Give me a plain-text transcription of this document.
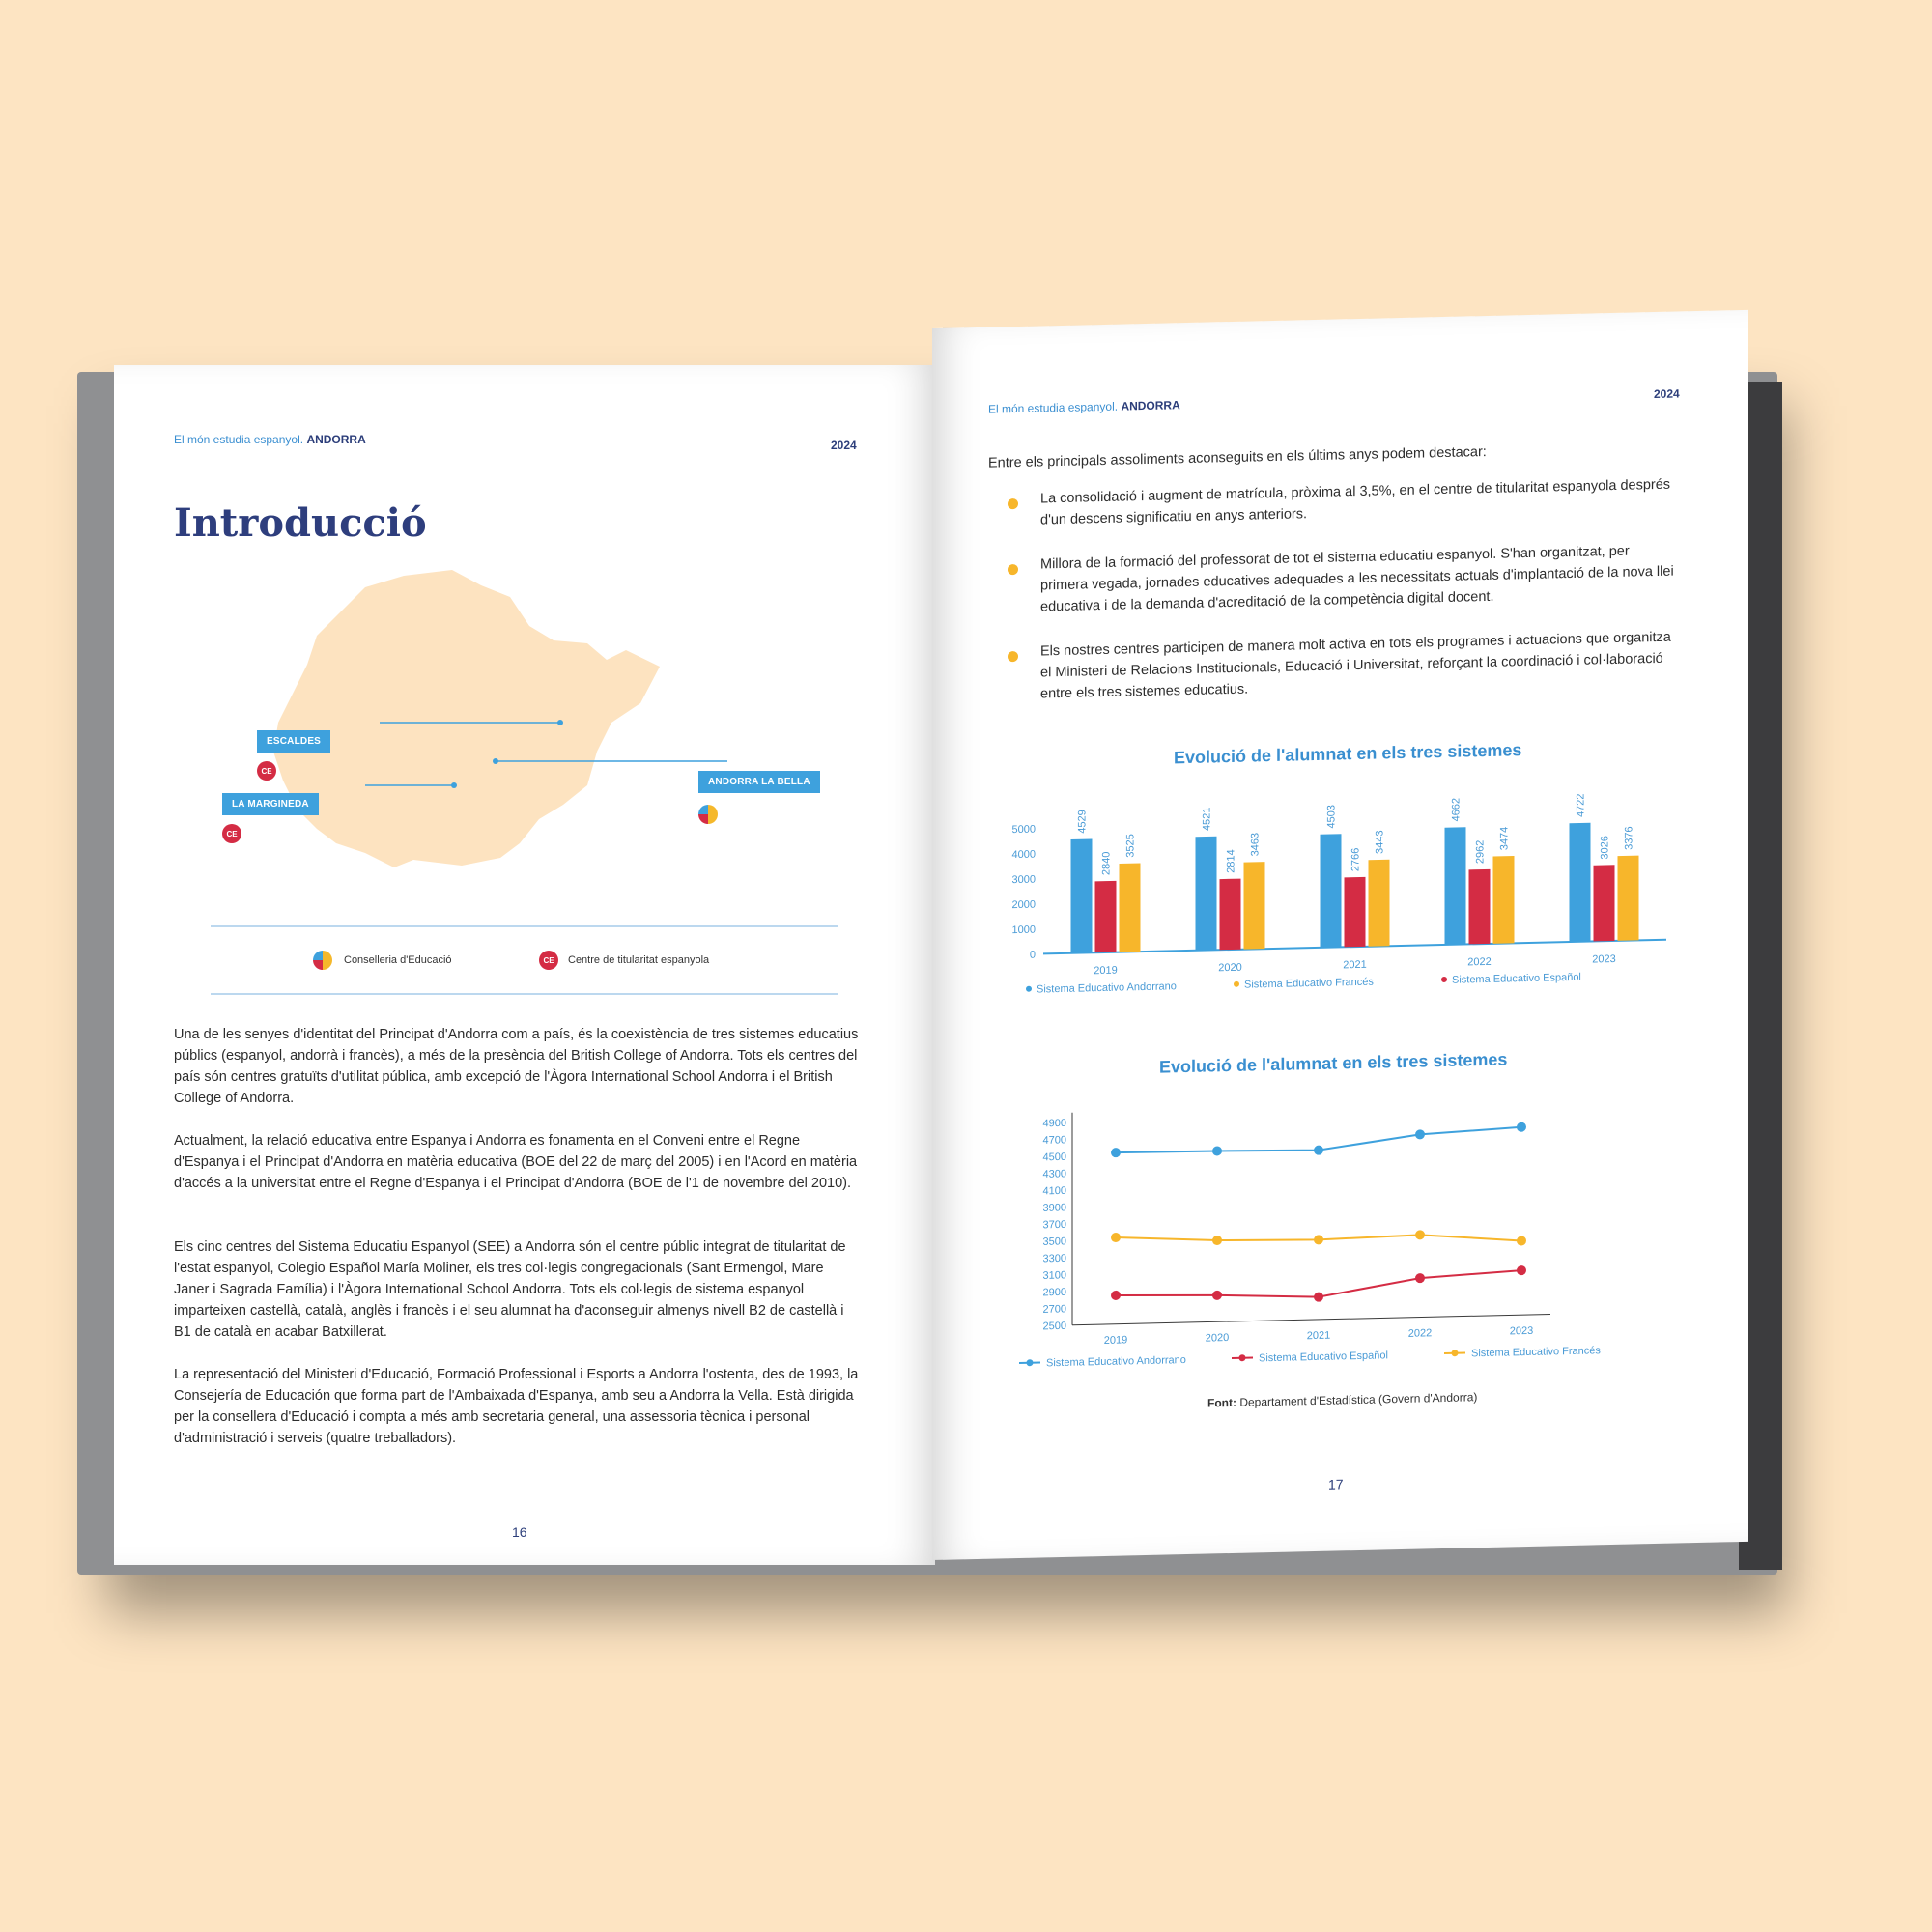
El món estudia espanyol. ANDORRA	2024
Introducció
ESCALDES
CE
LA MARGINEDA
CE
ANDORRA LA BELLA
Conselleria d'Educació	CE	Centre de titularitat espanyola
Una de les senyes d'identitat del Principat d'Andorra com a país, és la coexistència de tres sistemes educatius públics (espanyol, andorrà i francès), a més de la presència del British College of Andorra. Tots els centres del país són centres gratuïts d'utilitat pública, amb excepció de l'Àgora International School Andorra i el British College of Andorra.
Actualment, la relació educativa entre Espanya i Andorra es fonamenta en el Conveni entre el Regne d'Espanya i el Principat d'Andorra en matèria educativa (BOE del 22 de març del 2005) i en l'Acord en matèria d'accés a la universitat entre el Regne d'Espanya i el Principat d'Andorra (BOE de l'1 de novembre del 2010).
Els cinc centres del Sistema Educatiu Espanyol (SEE) a Andorra són el centre públic integrat de titularitat de l'estat espanyol, Colegio Español María Moliner, els tres col·legis congregacionals (Sant Ermengol, Mare Janer i Sagrada Família) i l'Àgora International School Andorra. Tots els col·legis de sistema espanyol imparteixen castellà, català, anglès i francès i el seu alumnat ha d'aconseguir almenys nivell B2 de castellà i B1 de català en acabar Batxillerat.
La representació del Ministeri d'Educació, Formació Professional i Esports a Andorra l'ostenta, des de 1993, la Consejería de Educación que forma part de l'Ambaixada d'Espanya, amb seu a Andorra la Vella. Està dirigida per la consellera d'Educació i compta a més amb secretaria general, una assessoria tècnica i personal d'administració i serveis (quatre treballadors).
16
El món estudia espanyol. ANDORRA
2024
Entre els principals assoliments aconseguits en els últims anys podem destacar:
La consolidació i augment de matrícula, pròxima al 3,5%, en el centre de titularitat espanyola després d'un descens significatiu en anys anteriors.
Millora de la formació del professorat de tot el sistema educatiu espanyol. S'han organitzat, per primera vegada, jornades educatives adequades a les necessitats actuals d'implantació de la nova llei educativa i de la demanda d'acreditació de la competència digital docent.
Els nostres centres participen de manera molt activa en tots els programes i actuacions que organitza el Ministeri de Relacions Institucionals, Educació i Universitat, reforçant la coordinació i col·laboració entre els tres sistemes educatius.
Evolució de l'alumnat en els tres sistemes
0
1000
2000
3000
4000
5000	4529
2840
3525
2019
4521
2814
3463
2020
4503
2766
3443
2021
4662
2962
3474
2022
4722
3026 3376
2023
Sistema Educativo Andorrano	Sistema Educativo Francés	Sistema Educativo Español
Evolució de l'alumnat en els tres sistemes
2500
2700
2900
3100
3300
3500
3700
3900
4100
4300
4500
4700
4900
2019	2020	2021	2022	2023
Sistema Educativo Andorrano	Sistema Educativo Español	Sistema Educativo Francés
Font: Departament d'Estadística (Govern d'Andorra)
17
